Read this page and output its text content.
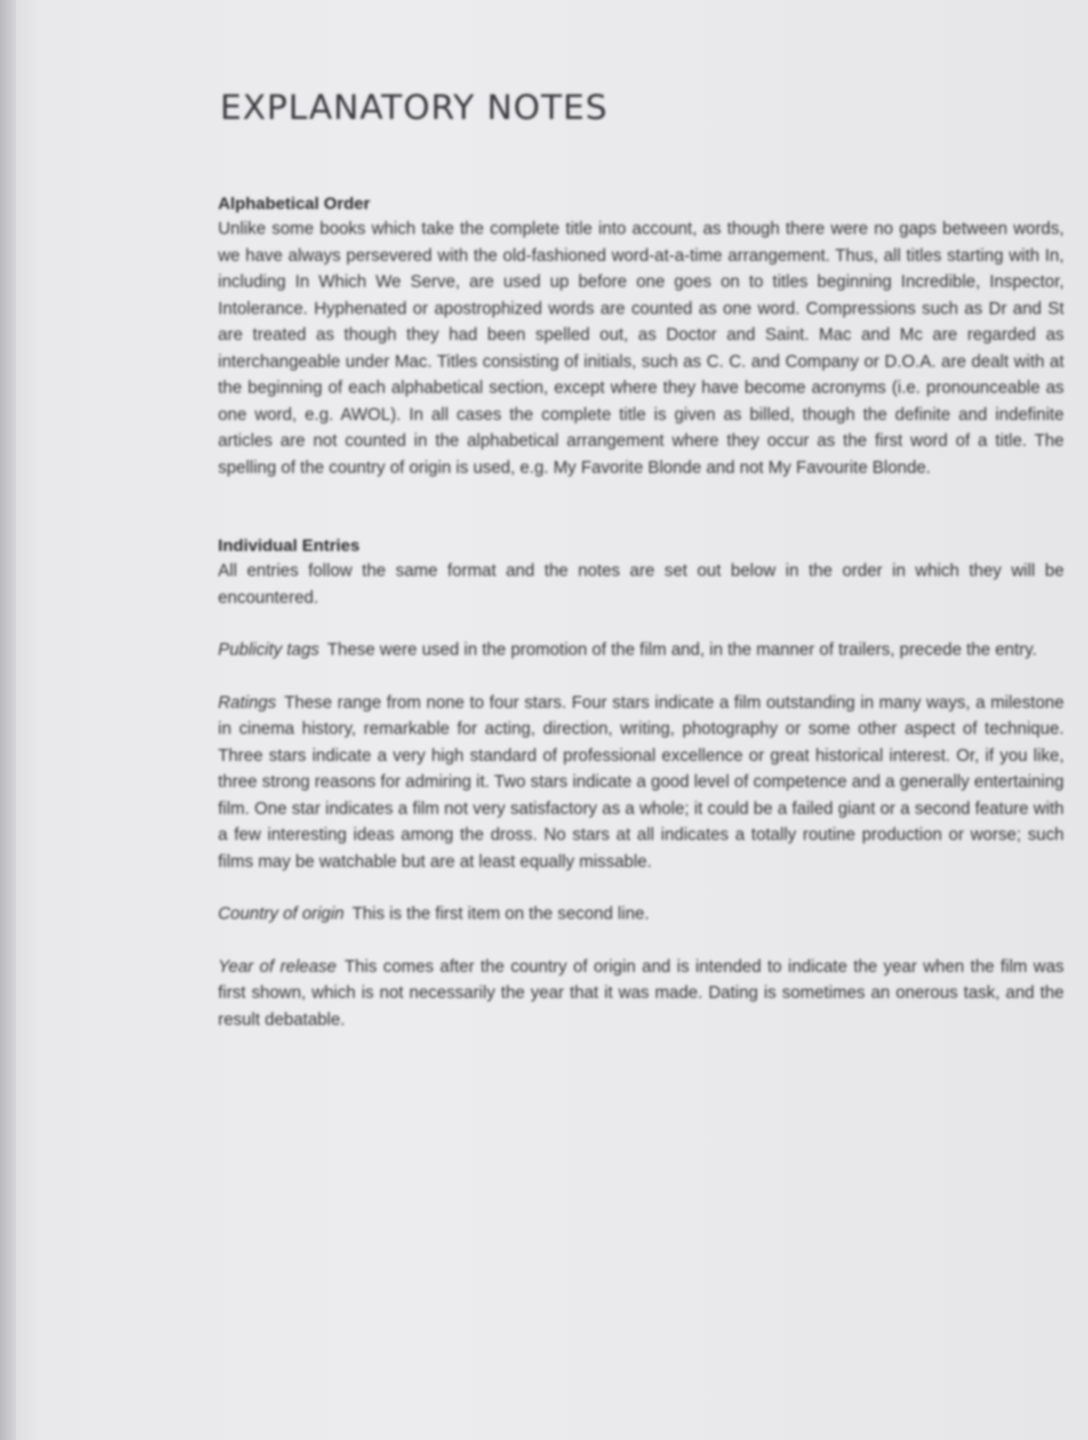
EXPLANATORY NOTES
Alphabetical Order

Unlike some books which take the complete title into account, as though there were no gaps between words, we have always persevered with the old-fashioned word-at-a-time arrangement. Thus, all titles starting with In, including In Which We Serve, are used up before one goes on to titles beginning Incredible, Inspector, Intolerance. Hyphenated or apostrophized words are counted as one word. Compressions such as Dr and St are treated as though they had been spelled out, as Doctor and Saint. Mac and Mc are regarded as interchangeable under Mac. Titles consisting of initials, such as C. C. and Company or D.O.A. are dealt with at the beginning of each alphabetical section, except where they have become acronyms (i.e. pronounceable as one word, e.g. AWOL). In all cases the complete title is given as billed, though the definite and indefinite articles are not counted in the alphabetical arrangement where they occur as the first word of a title. The spelling of the country of origin is used, e.g. My Favorite Blonde and not My Favourite Blonde.

Individual Entries

All entries follow the same format and the notes are set out below in the order in which they will be encountered.

Publicity tags These were used in the promotion of the film and, in the manner of trailers, precede the entry.

Ratings These range from none to four stars. Four stars indicate a film outstanding in many ways, a milestone in cinema history, remarkable for acting, direction, writing, photography or some other aspect of technique. Three stars indicate a very high standard of professional excellence or great historical interest. Or, if you like, three strong reasons for admiring it. Two stars indicate a good level of competence and a generally entertaining film. One star indicates a film not very satisfactory as a whole; it could be a failed giant or a second feature with a few interesting ideas among the dross. No stars at all indicates a totally routine production or worse; such films may be watchable but are at least equally missable.

Country of origin This is the first item on the second line.

Year of release This comes after the country of origin and is intended to indicate the year when the film was first shown, which is not necessarily the year that it was made. Dating is sometimes an onerous task, and the result debatable.
